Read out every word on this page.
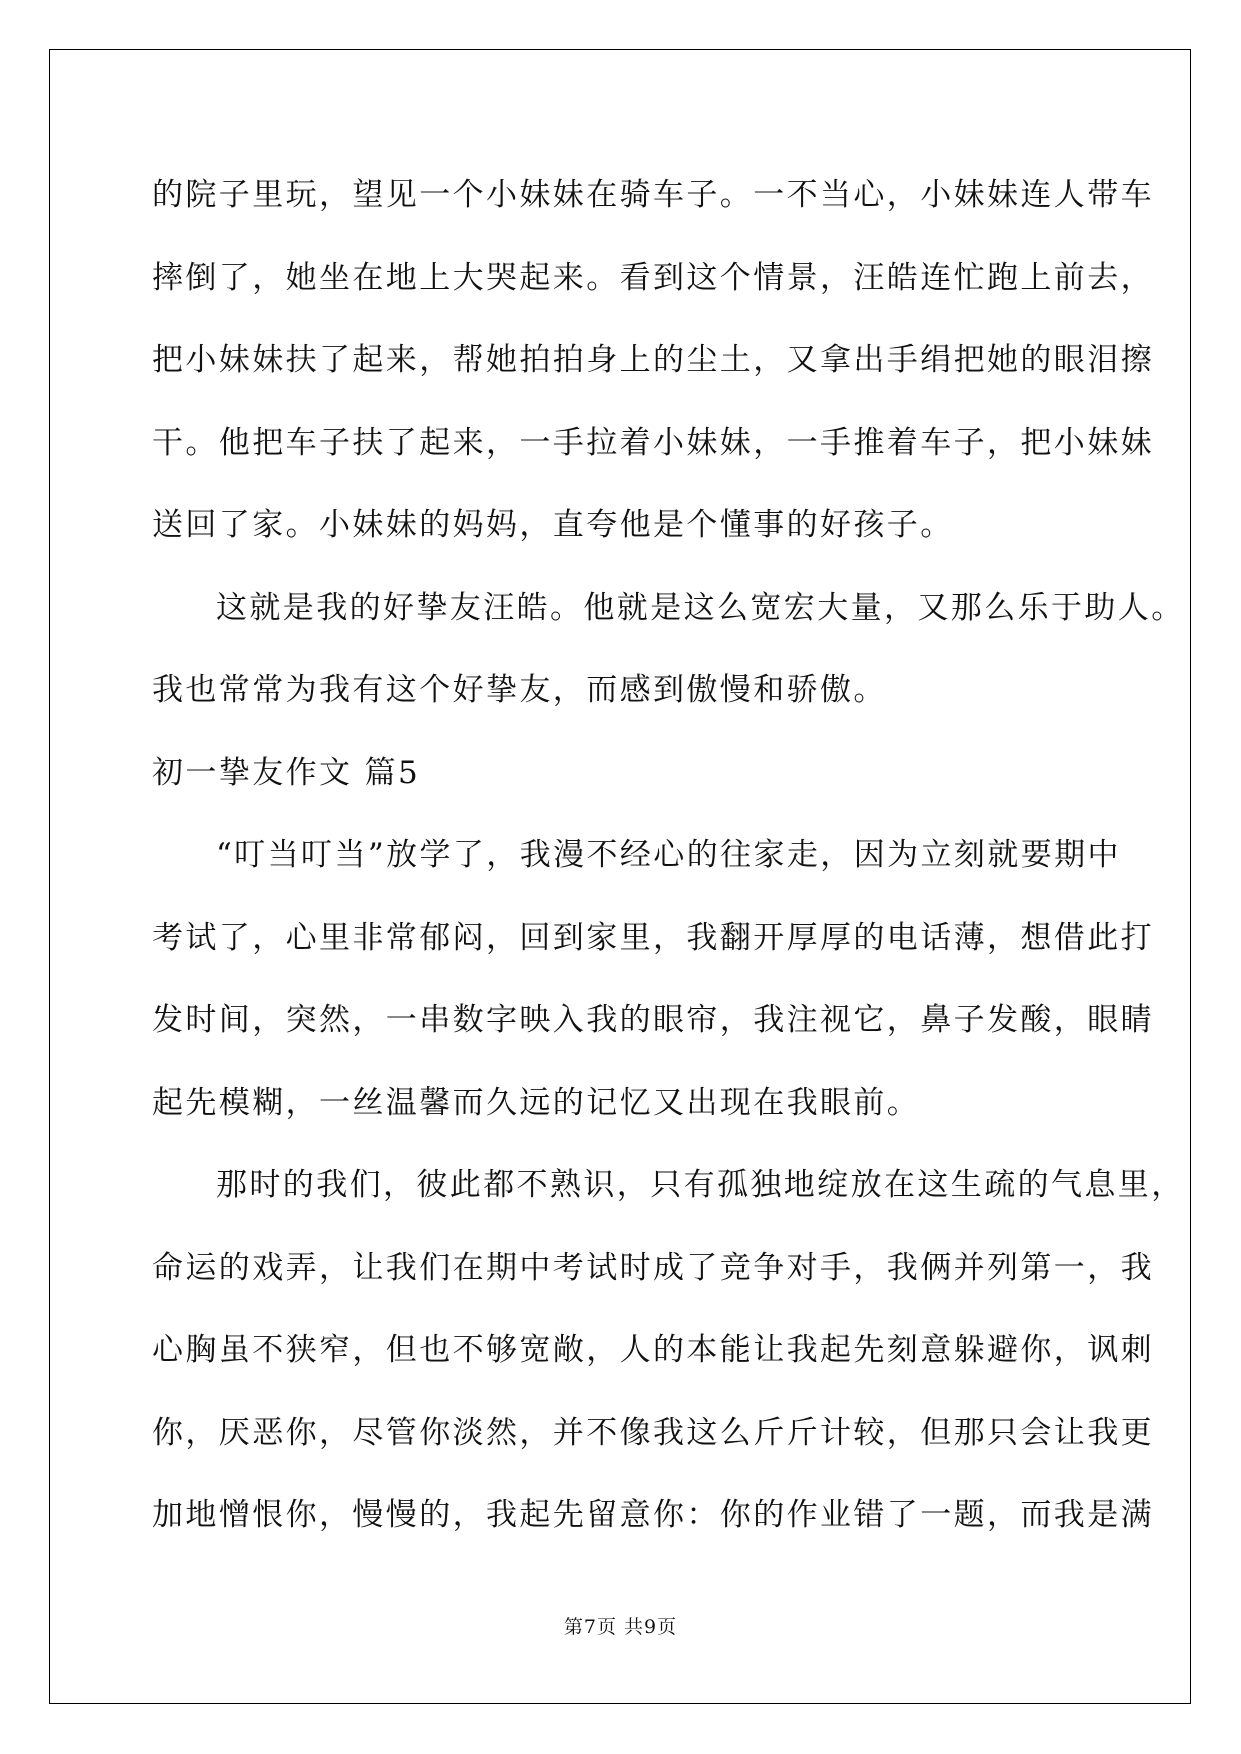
的院子里玩，望见一个小妹妹在骑车子。一不当心，小妹妹连人带车
摔倒了，她坐在地上大哭起来。看到这个情景，汪皓连忙跑上前去，
把小妹妹扶了起来，帮她拍拍身上的尘土，又拿出手绢把她的眼泪擦
干。他把车子扶了起来，一手拉着小妹妹，一手推着车子，把小妹妹
送回了家。小妹妹的妈妈，直夸他是个懂事的好孩子。
这就是我的好挚友汪皓。他就是这么宽宏大量，又那么乐于助人。
我也常常为我有这个好挚友，而感到傲慢和骄傲。
初一挚友作文 篇5
“叮当叮当”放学了，我漫不经心的往家走，因为立刻就要期中
考试了，心里非常郁闷，回到家里，我翻开厚厚的电话薄，想借此打
发时间，突然，一串数字映入我的眼帘，我注视它，鼻子发酸，眼睛
起先模糊，一丝温馨而久远的记忆又出现在我眼前。
那时的我们，彼此都不熟识，只有孤独地绽放在这生疏的气息里，
命运的戏弄，让我们在期中考试时成了竞争对手，我俩并列第一，我
心胸虽不狭窄，但也不够宽敞，人的本能让我起先刻意躲避你，讽刺
你，厌恶你，尽管你淡然，并不像我这么斤斤计较，但那只会让我更
加地憎恨你，慢慢的，我起先留意你：你的作业错了一题，而我是满
第7页 共9页
